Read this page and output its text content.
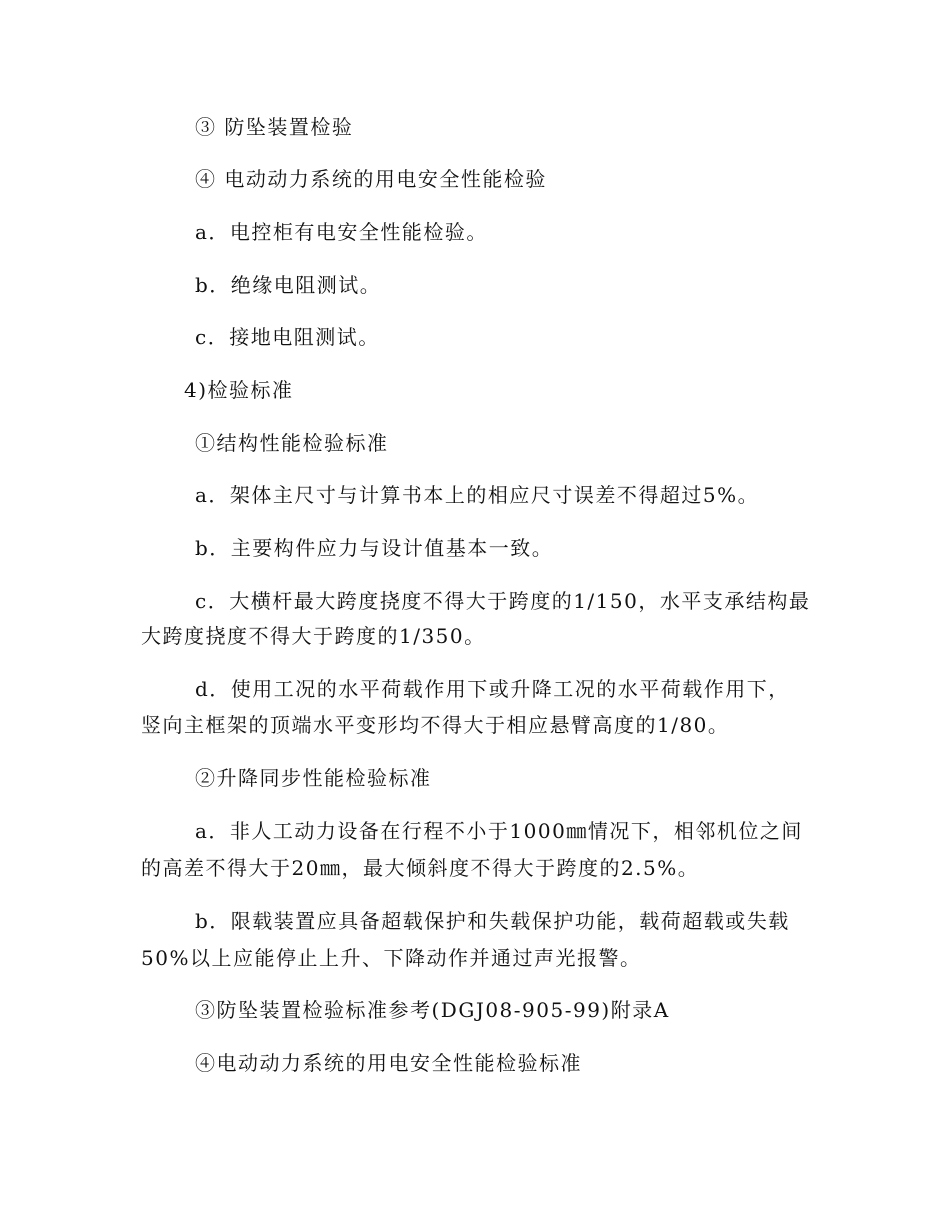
③ 防坠装置检验
④ 电动动力系统的用电安全性能检验
a．电控柜有电安全性能检验。
b．绝缘电阻测试。
c．接地电阻测试。
4)检验标准
①结构性能检验标准
a．架体主尺寸与计算书本上的相应尺寸误差不得超过5%。
b．主要构件应力与设计值基本一致。
c．大横杆最大跨度挠度不得大于跨度的1/150，水平支承结构最
大跨度挠度不得大于跨度的1/350。
d．使用工况的水平荷载作用下或升降工况的水平荷载作用下，
竖向主框架的顶端水平变形均不得大于相应悬臂高度的1/80。
②升降同步性能检验标准
a．非人工动力设备在行程不小于1000㎜情况下，相邻机位之间
的高差不得大于20㎜，最大倾斜度不得大于跨度的2.5%。
b．限载装置应具备超载保护和失载保护功能，载荷超载或失载
50%以上应能停止上升、下降动作并通过声光报警。
③防坠装置检验标准参考(DGJ08-905-99)附录A
④电动动力系统的用电安全性能检验标准
